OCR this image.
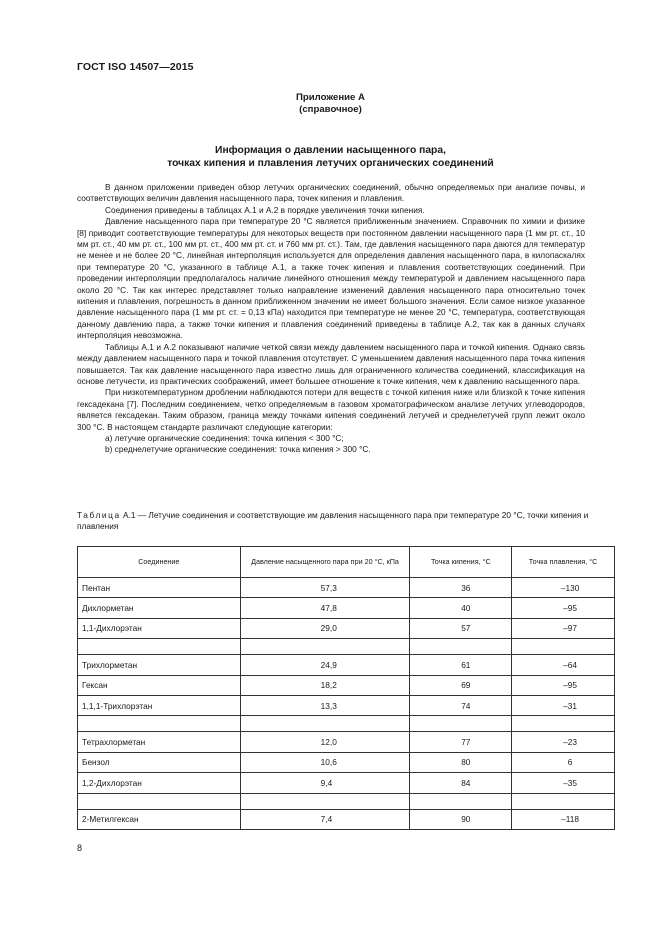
ГОСТ ISO 14507—2015
Приложение А
(справочное)
Информация о давлении насыщенного пара,
точках кипения и плавления летучих органических соединений

В данном приложении приведен обзор летучих органических соединений, обычно определяемых при анализе почвы, и соответствующих величин давления насыщенного пара, точек кипения и плавления.

Соединения приведены в таблицах А.1 и А.2 в порядке увеличения точки кипения.

Давление насыщенного пара при температуре 20 °С является приближенным значением. Справочник по химии и физике [8] приводит соответствующие температуры для некоторых веществ при постоянном давлении насыщенного пара (1 мм рт. ст., 10 мм рт. ст., 40 мм рт. ст., 100 мм рт. ст., 400 мм рт. ст. и 760 мм рт. ст.). Там, где давления насыщенного пара даются для температур не менее и не более 20 °С, линейная интерполяция используется для определения давления насыщенного пара, в килопаскалях при температуре 20 °С, указанного в таблице А.1, а также точек кипения и плавления соответствующих соединений. При проведении интерполяции предполагалось наличие линейного отношения между температурой и давлением насыщенного пара около 20 °С. Так как интерес представляет только направление изменений давления насыщенного пара относительно точек кипения и плавления, погрешность в данном приближенном значении не имеет большого значения. Если самое низкое указанное давление насыщенного пара (1 мм рт. ст. = 0,13 кПа) находится при температуре не менее 20 °С, температура, соответствующая данному давлению пара, а также точки кипения и плавления соединений приведены в таблице А.2, так как в данных случаях интерполяция невозможна.

Таблицы А.1 и А.2 показывают наличие четкой связи между давлением насыщенного пара и точкой кипения. Однако связь между давлением насыщенного пара и точкой плавления отсутствует. С уменьшением давления насыщенного пара точка кипения повышается. Так как давление насыщенного пара известно лишь для ограниченного количества соединений, классификация на основе летучести, из практических соображений, имеет большее отношение к точке кипения, чем к давлению насыщенного пара.

При низкотемпературном дроблении наблюдаются потери для веществ с точкой кипения ниже или близкой к точке кипения гексадекана [7]. Последним соединением, четко определяемым в газовом хроматографическом анализе летучих углеводородов, является гексадекан. Таким образом, граница между точками кипения соединений летучей и среднелетучей групп лежит около 300 °С. В настоящем стандарте различают следующие категории:

a) летучие органические соединения: точка кипения < 300 °С;

b) среднелетучие органические соединения: точка кипения > 300 °С.

Таблица А.1 — Летучие соединения и соответствующие им давления насыщенного пара при температуре 20 °С, точки кипения и плавления
Соединение	Давление насыщенного пара при 20 °С, кПа	Точка кипения, °С	Точка плавления, °С
Пентан	57,3	36	–130
Дихлорметан	47,8	40	–95
1,1-Дихлорэтан	29,0	57	–97

Трихлорметан	24,9	61	–64
Гексан	18,2	69	–95
1,1,1-Трихлорэтан	13,3	74	–31

Тетрахлорметан	12,0	77	–23
Бензол	10,6	80	6
1,2-Дихлорэтан	9,4	84	–35

2-Метилгексан	7,4	90	–118
8
